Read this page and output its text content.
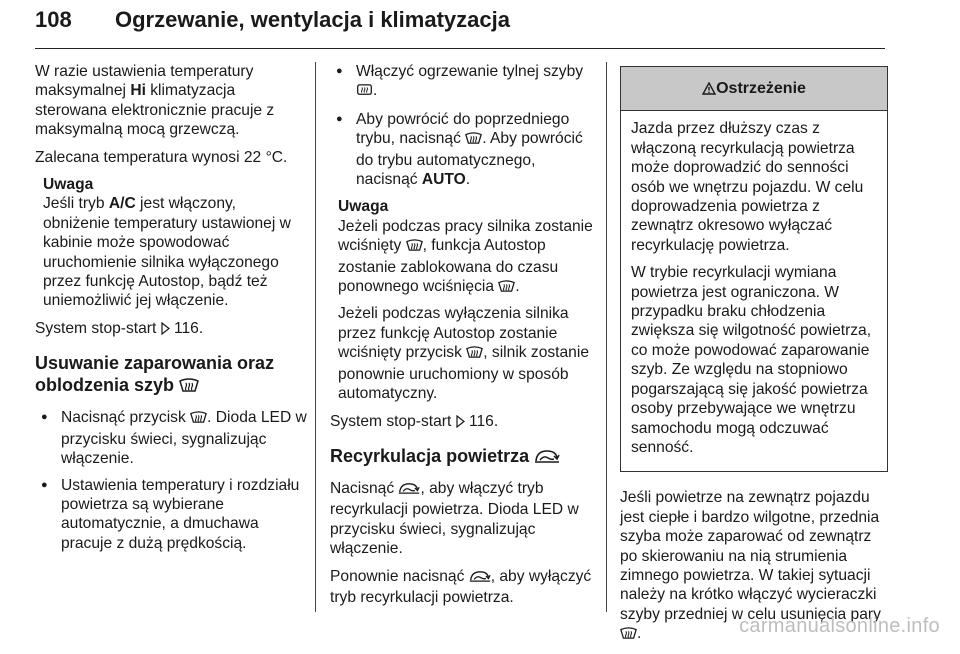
108 Ogrzewanie, wentylacja i klimatyzacja

W razie ustawienia temperatury maksymalnej Hi klimatyzacja sterowana elektronicznie pracuje z maksymalną mocą grzewczą.

Zalecana temperatura wynosi 22 °C.

Uwaga

Jeśli tryb A/C jest włączony, obniżenie temperatury ustawionej w kabinie może spowodować uruchomienie silnika wyłączonego przez funkcję Autostop, bądź też uniemożliwić jej włączenie.

System stop-start  116.

Usuwanie zaparowania oraz oblodzenia szyb
● Nacisnąć przycisk . Dioda LED w przycisku świeci, sygnalizując włączenie.
● Ustawienia temperatury i rozdziału powietrza są wybierane automatycznie, a dmuchawa pracuje z dużą prędkością.
● Włączyć ogrzewanie tylnej szyby .
● Aby powrócić do poprzedniego trybu, nacisnąć . Aby powrócić do trybu automatycznego, nacisnąć AUTO.
Uwaga

Jeżeli podczas pracy silnika zostanie wciśnięty , funkcja Autostop zostanie zablokowana do czasu ponownego wciśnięcia .

Jeżeli podczas wyłączenia silnika przez funkcję Autostop zostanie wciśnięty przycisk , silnik zostanie ponownie uruchomiony w sposób automatyczny.

System stop-start  116.

Recyrkulacja powietrza

Nacisnąć , aby włączyć tryb recyrkulacji powietrza. Dioda LED w przycisku świeci, sygnalizując włączenie.

Ponownie nacisnąć , aby wyłączyć tryb recyrkulacji powietrza.

Ostrzeżenie

Jazda przez dłuższy czas z włączoną recyrkulacją powietrza może doprowadzić do senności osób we wnętrzu pojazdu. W celu doprowadzenia powietrza z zewnątrz okresowo wyłączać recyrkulację powietrza.

W trybie recyrkulacji wymiana powietrza jest ograniczona. W przypadku braku chłodzenia zwiększa się wilgotność powietrza, co może powodować zaparowanie szyb. Ze względu na stopniowo pogarszającą się jakość powietrza osoby przebywające we wnętrzu samochodu mogą odczuwać senność.

Jeśli powietrze na zewnątrz pojazdu jest ciepłe i bardzo wilgotne, przednia szyba może zaparować od zewnątrz po skierowaniu na nią strumienia zimnego powietrza. W takiej sytuacji należy na krótko włączyć wycieraczki szyby przedniej w celu usunięcia pary .	carmanualsonline.info
